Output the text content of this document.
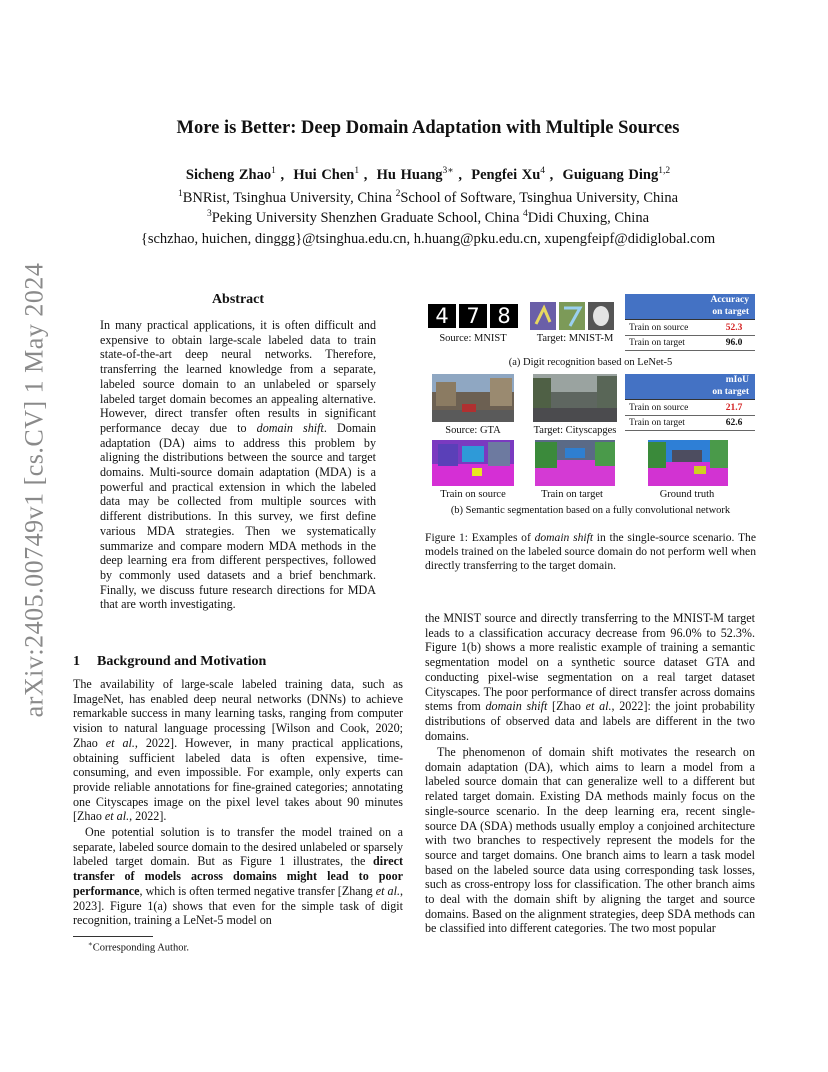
arXiv:2405.00749v1 [cs.CV] 1 May 2024
More is Better: Deep Domain Adaptation with Multiple Sources
Sicheng Zhao$^1$ ,  Hui Chen$^1$ ,  Hu Huang$^{3∗}$ ,  Pengfei Xu$^4$ ,  Guiguang Ding$^{1,2}$
$^1$BNRist, Tsinghua University, China $^2$School of Software, Tsinghua University, China
$^3$Peking University Shenzhen Graduate School, China $^4$Didi Chuxing, China
{schzhao, huichen, dinggg}@tsinghua.edu.cn, h.huang@pku.edu.cn, xupengfeipf@didiglobal.com
Abstract

In many practical applications, it is often difficult and expensive to obtain large-scale labeled data to train state-of-the-art deep neural networks. Therefore, transferring the learned knowledge from a separate, labeled source domain to an unlabeled or sparsely labeled target domain becomes an appealing alternative. However, direct transfer often results in significant performance decay due to domain shift. Domain adaptation (DA) aims to address this problem by aligning the distributions between the source and target domains. Multi-source domain adaptation (MDA) is a powerful and practical extension in which the labeled data may be collected from multiple sources with different distributions. In this survey, we first define various MDA strategies. Then we systematically summarize and compare modern MDA methods in the deep learning era from different perspectives, followed by commonly used datasets and a brief benchmark. Finally, we discuss future research directions for MDA that are worth investigating.

1 Background and Motivation

The availability of large-scale labeled training data, such as ImageNet, has enabled deep neural networks (DNNs) to achieve remarkable success in many learning tasks, ranging from computer vision to natural language processing [Wilson and Cook, 2020; Zhao et al., 2022]. However, in many practical applications, obtaining sufficient labeled data is often expensive, time-consuming, and even impossible. For example, only experts can provide reliable annotations for fine-grained categories; annotating one Cityscapes image on the pixel level takes about 90 minutes [Zhao et al., 2022].

One potential solution is to transfer the model trained on a separate, labeled source domain to the desired unlabeled or sparsely labeled target domain. But as Figure 1 illustrates, the direct transfer of models across domains might lead to poor performance, which is often termed negative transfer [Zhang et al., 2023]. Figure 1(a) shows that even for the simple task of digit recognition, training a LeNet-5 model on

∗Corresponding Author.
4 7 8
Source: MNIST	Target: MNIST-M
Accuracy
on target
Train on source	52.3
Train on target	96.0
(a) Digit recognition based on LeNet-5
Source: GTA	Target: Cityscapges
mIoU
on target
Train on source	21.7
Train on target	62.6
Train on source	Train on target	Ground truth
(b) Semantic segmentation based on a fully convolutional network

Figure 1: Examples of domain shift in the single-source scenario. The models trained on the labeled source domain do not perform well when directly transferring to the target domain.

the MNIST source and directly transferring to the MNIST-M target leads to a classification accuracy decrease from 96.0% to 52.3%. Figure 1(b) shows a more realistic example of training a semantic segmentation model on a synthetic source dataset GTA and conducting pixel-wise segmentation on a real target dataset Cityscapes. The poor performance of direct transfer across domains stems from domain shift [Zhao et al., 2022]: the joint probability distributions of observed data and labels are different in the two domains.

The phenomenon of domain shift motivates the research on domain adaptation (DA), which aims to learn a model from a labeled source domain that can generalize well to a different but related target domain. Existing DA methods mainly focus on the single-source scenario. In the deep learning era, recent single-source DA (SDA) methods usually employ a conjoined architecture with two branches to respectively represent the models for the source and target domains. One branch aims to learn a task model based on the labeled source data using corresponding task losses, such as cross-entropy loss for classification. The other branch aims to deal with the domain shift by aligning the target and source domains. Based on the alignment strategies, deep SDA methods can be classified into different categories. The two most popular
